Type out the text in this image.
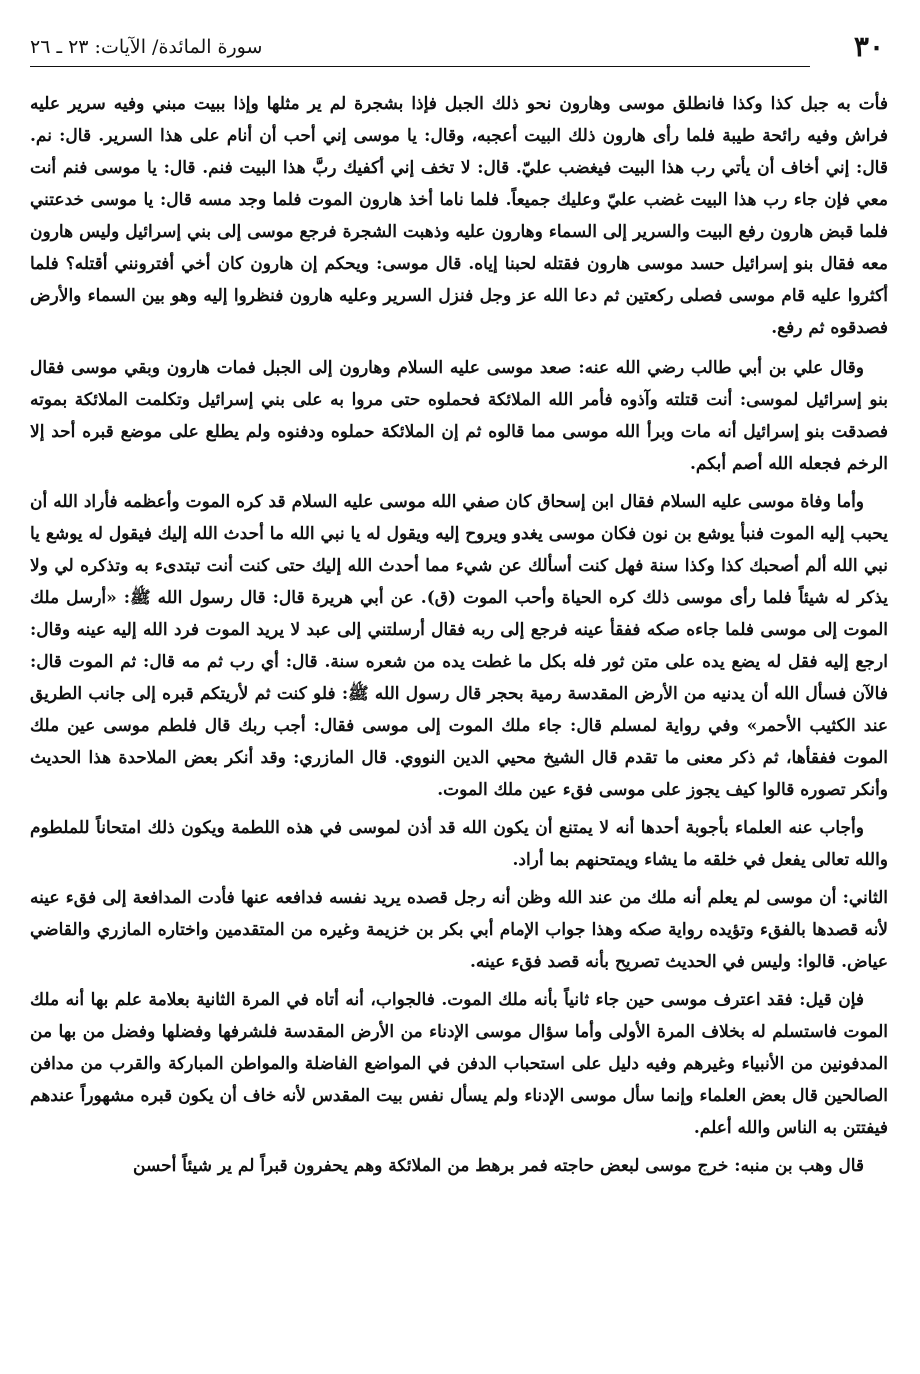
٣٠
سورة المائدة/ الآيات: ٢٣ ـ ٢٦

فأت به جبل كذا وكذا فانطلق موسى وهارون نحو ذلك الجبل فإذا بشجرة لم ير مثلها وإذا ببيت مبني وفيه سرير عليه فراش وفيه رائحة طيبة فلما رأى هارون ذلك البيت أعجبه، وقال: يا موسى إني أحب أن أنام على هذا السرير. قال: نم. قال: إني أخاف أن يأتي رب هذا البيت فيغضب عليّ. قال: لا تخف إني أكفيك ربَّ هذا البيت فنم. قال: يا موسى فنم أنت معي فإن جاء رب هذا البيت غضب عليّ وعليك جميعاً. فلما ناما أخذ هارون الموت فلما وجد مسه قال: يا موسى خدعتني فلما قبض هارون رفع البيت والسرير إلى السماء وهارون عليه وذهبت الشجرة فرجع موسى إلى بني إسرائيل وليس هارون معه فقال بنو إسرائيل حسد موسى هارون فقتله لحبنا إياه. قال موسى: ويحكم إن هارون كان أخي أفترونني أقتله؟ فلما أكثروا عليه قام موسى فصلى ركعتين ثم دعا الله عز وجل فنزل السرير وعليه هارون فنظروا إليه وهو بين السماء والأرض فصدقوه ثم رفع.

وقال علي بن أبي طالب رضي الله عنه: صعد موسى عليه السلام وهارون إلى الجبل فمات هارون وبقي موسى فقال بنو إسرائيل لموسى: أنت قتلته وآذوه فأمر الله الملائكة فحملوه حتى مروا به على بني إسرائيل وتكلمت الملائكة بموته فصدقت بنو إسرائيل أنه مات وبرأ الله موسى مما قالوه ثم إن الملائكة حملوه ودفنوه ولم يطلع على موضع قبره أحد إلا الرخم فجعله الله أصم أبكم.

وأما وفاة موسى عليه السلام فقال ابن إسحاق كان صفي الله موسى عليه السلام قد كره الموت وأعظمه فأراد الله أن يحبب إليه الموت فنبأ يوشع بن نون فكان موسى يغدو ويروح إليه ويقول له يا نبي الله ما أحدث الله إليك فيقول له يوشع يا نبي الله ألم أصحبك كذا وكذا سنة فهل كنت أسألك عن شيء مما أحدث الله إليك حتى كنت أنت تبتدىء به وتذكره لي ولا يذكر له شيئاً فلما رأى موسى ذلك كره الحياة وأحب الموت (ق). عن أبي هريرة قال: قال رسول الله ﷺ: «أرسل ملك الموت إلى موسى فلما جاءه صكه ففقأ عينه فرجع إلى ربه فقال أرسلتني إلى عبد لا يريد الموت فرد الله إليه عينه وقال: ارجع إليه فقل له يضع يده على متن ثور فله بكل ما غطت يده من شعره سنة. قال: أي رب ثم مه قال: ثم الموت قال: فالآن فسأل الله أن يدنيه من الأرض المقدسة رمية بحجر قال رسول الله ﷺ: فلو كنت ثم لأريتكم قبره إلى جانب الطريق عند الكثيب الأحمر» وفي رواية لمسلم قال: جاء ملك الموت إلى موسى فقال: أجب ربك قال فلطم موسى عين ملك الموت ففقأها، ثم ذكر معنى ما تقدم قال الشيخ محيي الدين النووي. قال المازري: وقد أنكر بعض الملاحدة هذا الحديث وأنكر تصوره قالوا كيف يجوز على موسى فقء عين ملك الموت.

وأجاب عنه العلماء بأجوبة أحدها أنه لا يمتنع أن يكون الله قد أذن لموسى في هذه اللطمة ويكون ذلك امتحاناً للملطوم والله تعالى يفعل في خلقه ما يشاء ويمتحنهم بما أراد.

الثاني: أن موسى لم يعلم أنه ملك من عند الله وظن أنه رجل قصده يريد نفسه فدافعه عنها فأدت المدافعة إلى فقء عينه لأنه قصدها بالفقء وتؤيده رواية صكه وهذا جواب الإمام أبي بكر بن خزيمة وغيره من المتقدمين واختاره المازري والقاضي عياض. قالوا: وليس في الحديث تصريح بأنه قصد فقء عينه.

فإن قيل: فقد اعترف موسى حين جاء ثانياً بأنه ملك الموت. فالجواب، أنه أتاه في المرة الثانية بعلامة علم بها أنه ملك الموت فاستسلم له بخلاف المرة الأولى وأما سؤال موسى الإدناء من الأرض المقدسة فلشرفها وفضلها وفضل من بها من المدفونين من الأنبياء وغيرهم وفيه دليل على استحباب الدفن في المواضع الفاضلة والمواطن المباركة والقرب من مدافن الصالحين قال بعض العلماء وإنما سأل موسى الإدناء ولم يسأل نفس بيت المقدس لأنه خاف أن يكون قبره مشهوراً عندهم فيفتتن به الناس والله أعلم.

قال وهب بن منبه: خرج موسى لبعض حاجته فمر برهط من الملائكة وهم يحفرون قبراً لم ير شيئاً أحسن
